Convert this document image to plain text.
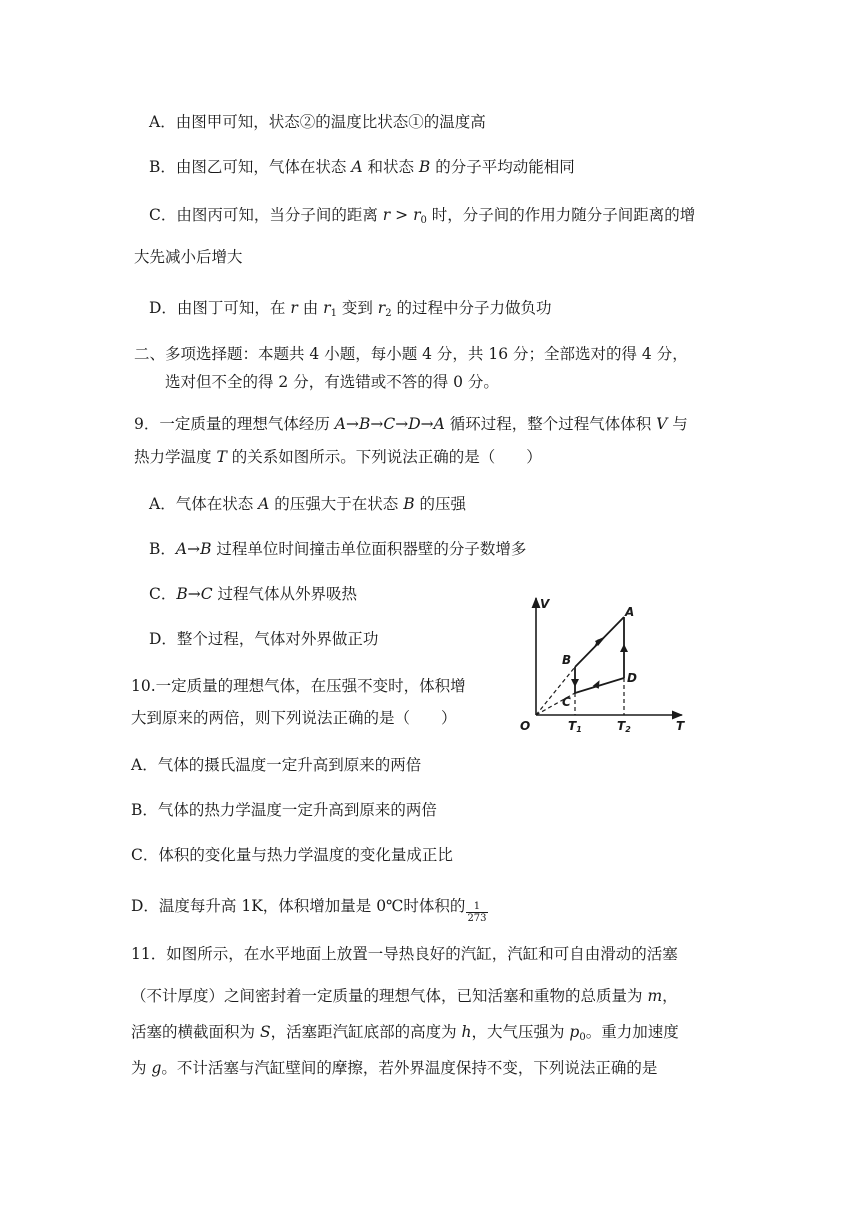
A．由图甲可知，状态②的温度比状态①的温度高
B．由图乙可知，气体在状态 A 和状态 B 的分子平均动能相同
C．由图丙可知，当分子间的距离 $r > r_0$ 时，分子间的作用力随分子间距离的增
大先减小后增大
D．由图丁可知，在 r 由 $r_1$ 变到 $r_2$ 的过程中分子力做负功
二、多项选择题：本题共 4 小题，每小题 4 分，共 16 分；全部选对的得 4 分，
选对但不全的得 2 分，有选错或不答的得 0 分。
9．一定质量的理想气体经历 A→B→C→D→A 循环过程，整个过程气体体积 V 与
热力学温度 T 的关系如图所示。下列说法正确的是（　　）
A．气体在状态 A 的压强大于在状态 B 的压强
B．A→B 过程单位时间撞击单位面积器壁的分子数增多
C．B→C 过程气体从外界吸热
D．整个过程，气体对外界做正功
V
T
O
A
B
C
D
T1	T2
10.一定质量的理想气体，在压强不变时，体积增
大到原来的两倍，则下列说法正确的是（　　）
A．气体的摄氏温度一定升高到原来的两倍
B．气体的热力学温度一定升高到原来的两倍
C．体积的变化量与热力学温度的变化量成正比
D．温度每升高 1K，体积增加量是 0℃时体积的 $\frac{1}{273}$
11．如图所示，在水平地面上放置一导热良好的汽缸，汽缸和可自由滑动的活塞
（不计厚度）之间密封着一定质量的理想气体，已知活塞和重物的总质量为 m，
活塞的横截面积为 S，活塞距汽缸底部的高度为 h，大气压强为 $p_0$。重力加速度
为 g。不计活塞与汽缸壁间的摩擦，若外界温度保持不变，下列说法正确的是
